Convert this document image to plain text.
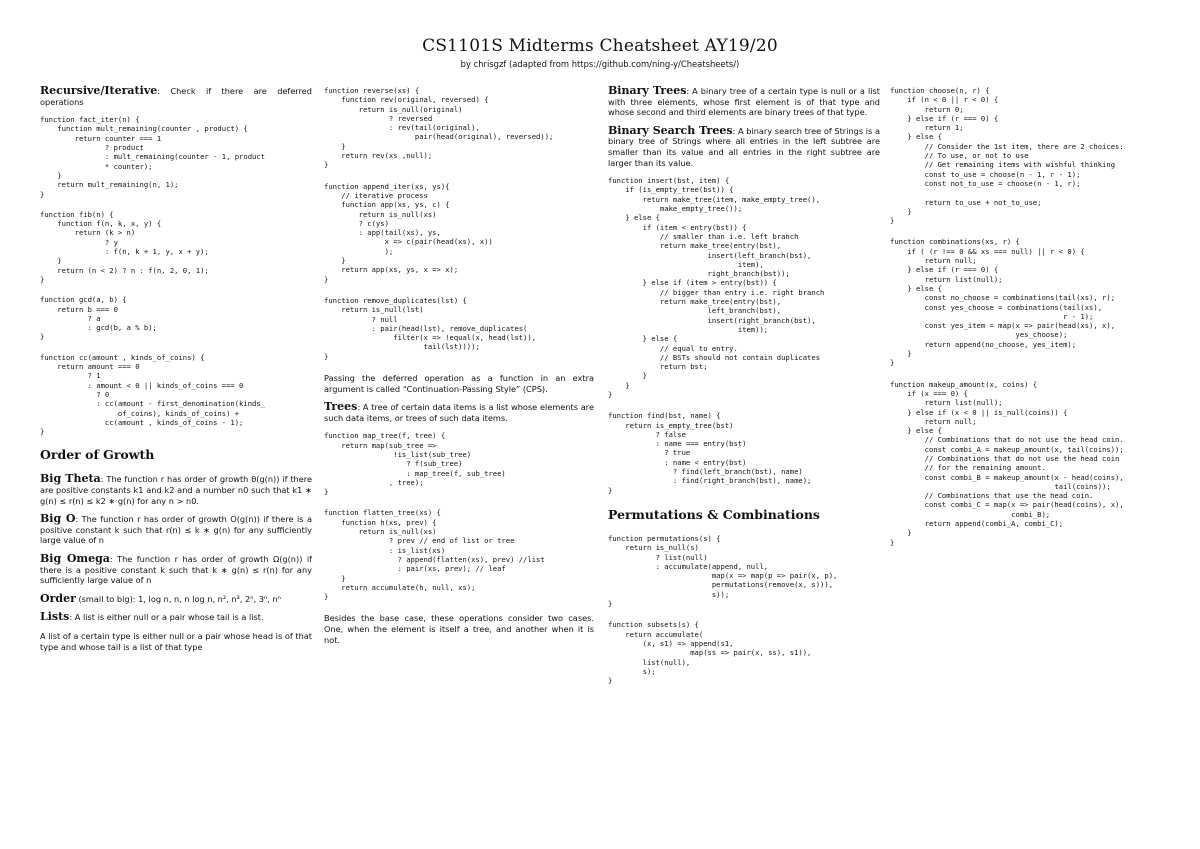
CS1101S Midterms Cheatsheet AY19/20
by chrisgzf (adapted from https://github.com/ning-y/Cheatsheets/)

Recursive/Iterative: Check if there are deferred operations

function fact_iter(n) {
function mult_remaining(counter , product) {
return counter === 1
? product
: mult_remaining(counter - 1, product
* counter);
}
return mult_remaining(n, 1);
}
function fib(n) {
function f(n, k, x, y) {
return (k > n)
? y
: f(n, k + 1, y, x + y);
}
return (n < 2) ? n : f(n, 2, 0, 1);
}
function gcd(a, b) {
return b === 0
? a
: gcd(b, a % b);
}
function cc(amount , kinds_of_coins) {
return amount === 0
? 1
: amount < 0 || kinds_of_coins === 0
? 0
: cc(amount - first_denomination(kinds_
of_coins), kinds_of_coins) +
cc(amount , kinds_of_coins - 1);
}
Order of Growth

Big Theta: The function r has order of growth θ(g(n)) if there are positive constants k1 and k2 and a number n0 such that k1 ∗ g(n) ≤ r(n) ≤ k2 ∗ g(n) for any n > n0.

Big O: The function r has order of growth O(g(n)) if there is a positive constant k such that r(n) ≤ k ∗ g(n) for any sufficiently large value of n

Big Omega: The function r has order of growth Ω(g(n)) if there is a positive constant k such that k ∗ g(n) ≤ r(n) for any sufficiently large value of n

Order (small to big): 1, log n, n, n log n, n², n³, 2ⁿ, 3ⁿ, nⁿ

Lists: A list is either null or a pair whose tail is a list.

A list of a certain type is either null or a pair whose head is of that type and whose tail is a list of that type

function reverse(xs) {
function rev(original, reversed) {
return is_null(original)
? reversed
: rev(tail(original),
pair(head(original), reversed));
}
return rev(xs ,null);
}
function append_iter(xs, ys){
// iterative process
function app(xs, ys, c) {
return is_null(xs)
? c(ys)
: app(tail(xs), ys,
x => c(pair(head(xs), x))
);
}
return app(xs, ys, x => x);
}
function remove_duplicates(lst) {
return is_null(lst)
? null
: pair(head(lst), remove_duplicates(
filter(x => !equal(x, head(lst)),
tail(lst))));
}

Passing the deferred operation as a function in an extra argument is called “Continuation-Passing Style” (CPS).

Trees: A tree of certain data items is a list whose elements are such data items, or trees of such data items.

function map_tree(f, tree) {
return map(sub_tree =>
!is_list(sub_tree)
? f(sub_tree)
: map_tree(f, sub_tree)
, tree);
}
function flatten_tree(xs) {
function h(xs, prev) {
return is_null(xs)
? prev // end of list or tree
: is_list(xs)
? append(flatten(xs), prev) //list
: pair(xs, prev); // leaf
}
return accumulate(h, null, xs);
}

Besides the base case, these operations consider two cases. One, when the element is itself a tree, and another when it is not.

Binary Trees: A binary tree of a certain type is null or a list with three elements, whose first element is of that type and whose second and third elements are binary trees of that type.

Binary Search Trees: A binary search tree of Strings is a binary tree of Strings where all entries in the left subtree are smaller than its value and all entries in the right subtree are larger than its value.

function insert(bst, item) {
if (is_empty_tree(bst)) {
return make_tree(item, make_empty_tree(),
make_empty_tree());
} else {
if (item < entry(bst)) {
// smaller than i.e. left branch
return make_tree(entry(bst),
insert(left_branch(bst),
item),
right_branch(bst));
} else if (item > entry(bst)) {
// bigger than entry i.e. right branch
return make_tree(entry(bst),
left_branch(bst),
insert(right_branch(bst),
item));
} else {
// equal to entry.
// BSTs should not contain duplicates
return bst;
}
}
}
function find(bst, name) {
return is_empty_tree(bst)
? false
: name === entry(bst)
? true
: name < entry(bst)
? find(left_branch(bst), name)
: find(right_branch(bst), name);
}
Permutations & Combinations
function permutations(s) {
return is_null(s)
? list(null)
: accumulate(append, null,
map(x => map(p => pair(x, p),
permutations(remove(x, s))),
s));
}
function subsets(s) {
return accumulate(
(x, s1) => append(s1,
map(ss => pair(x, ss), s1)),
list(null),
s);
}
function choose(n, r) {
if (n < 0 || r < 0) {
return 0;
} else if (r === 0) {
return 1;
} else {
// Consider the 1st item, there are 2 choices:
// To use, or not to use
// Get remaining items with wishful thinking
const to_use = choose(n - 1, r - 1);
const not_to_use = choose(n - 1, r);

return to_use + not_to_use;
}
}
function combinations(xs, r) {
if ( (r !== 0 && xs === null) || r < 0) {
return null;
} else if (r === 0) {
return list(null);
} else {
const no_choose = combinations(tail(xs), r);
const yes_choose = combinations(tail(xs),
r - 1);
const yes_item = map(x => pair(head(xs), x),
yes_choose);
return append(no_choose, yes_item);
}
}
function makeup_amount(x, coins) {
if (x === 0) {
return list(null);
} else if (x < 0 || is_null(coins)) {
return null;
} else {
// Combinations that do not use the head coin.
const combi_A = makeup_amount(x, tail(coins));
// Combinations that do not use the head coin
// for the remaining amount.
const combi_B = makeup_amount(x - head(coins),
tail(coins));
// Combinations that use the head coin.
const combi_C = map(x => pair(head(coins), x),
combi_B);
return append(combi_A, combi_C);
}
}
